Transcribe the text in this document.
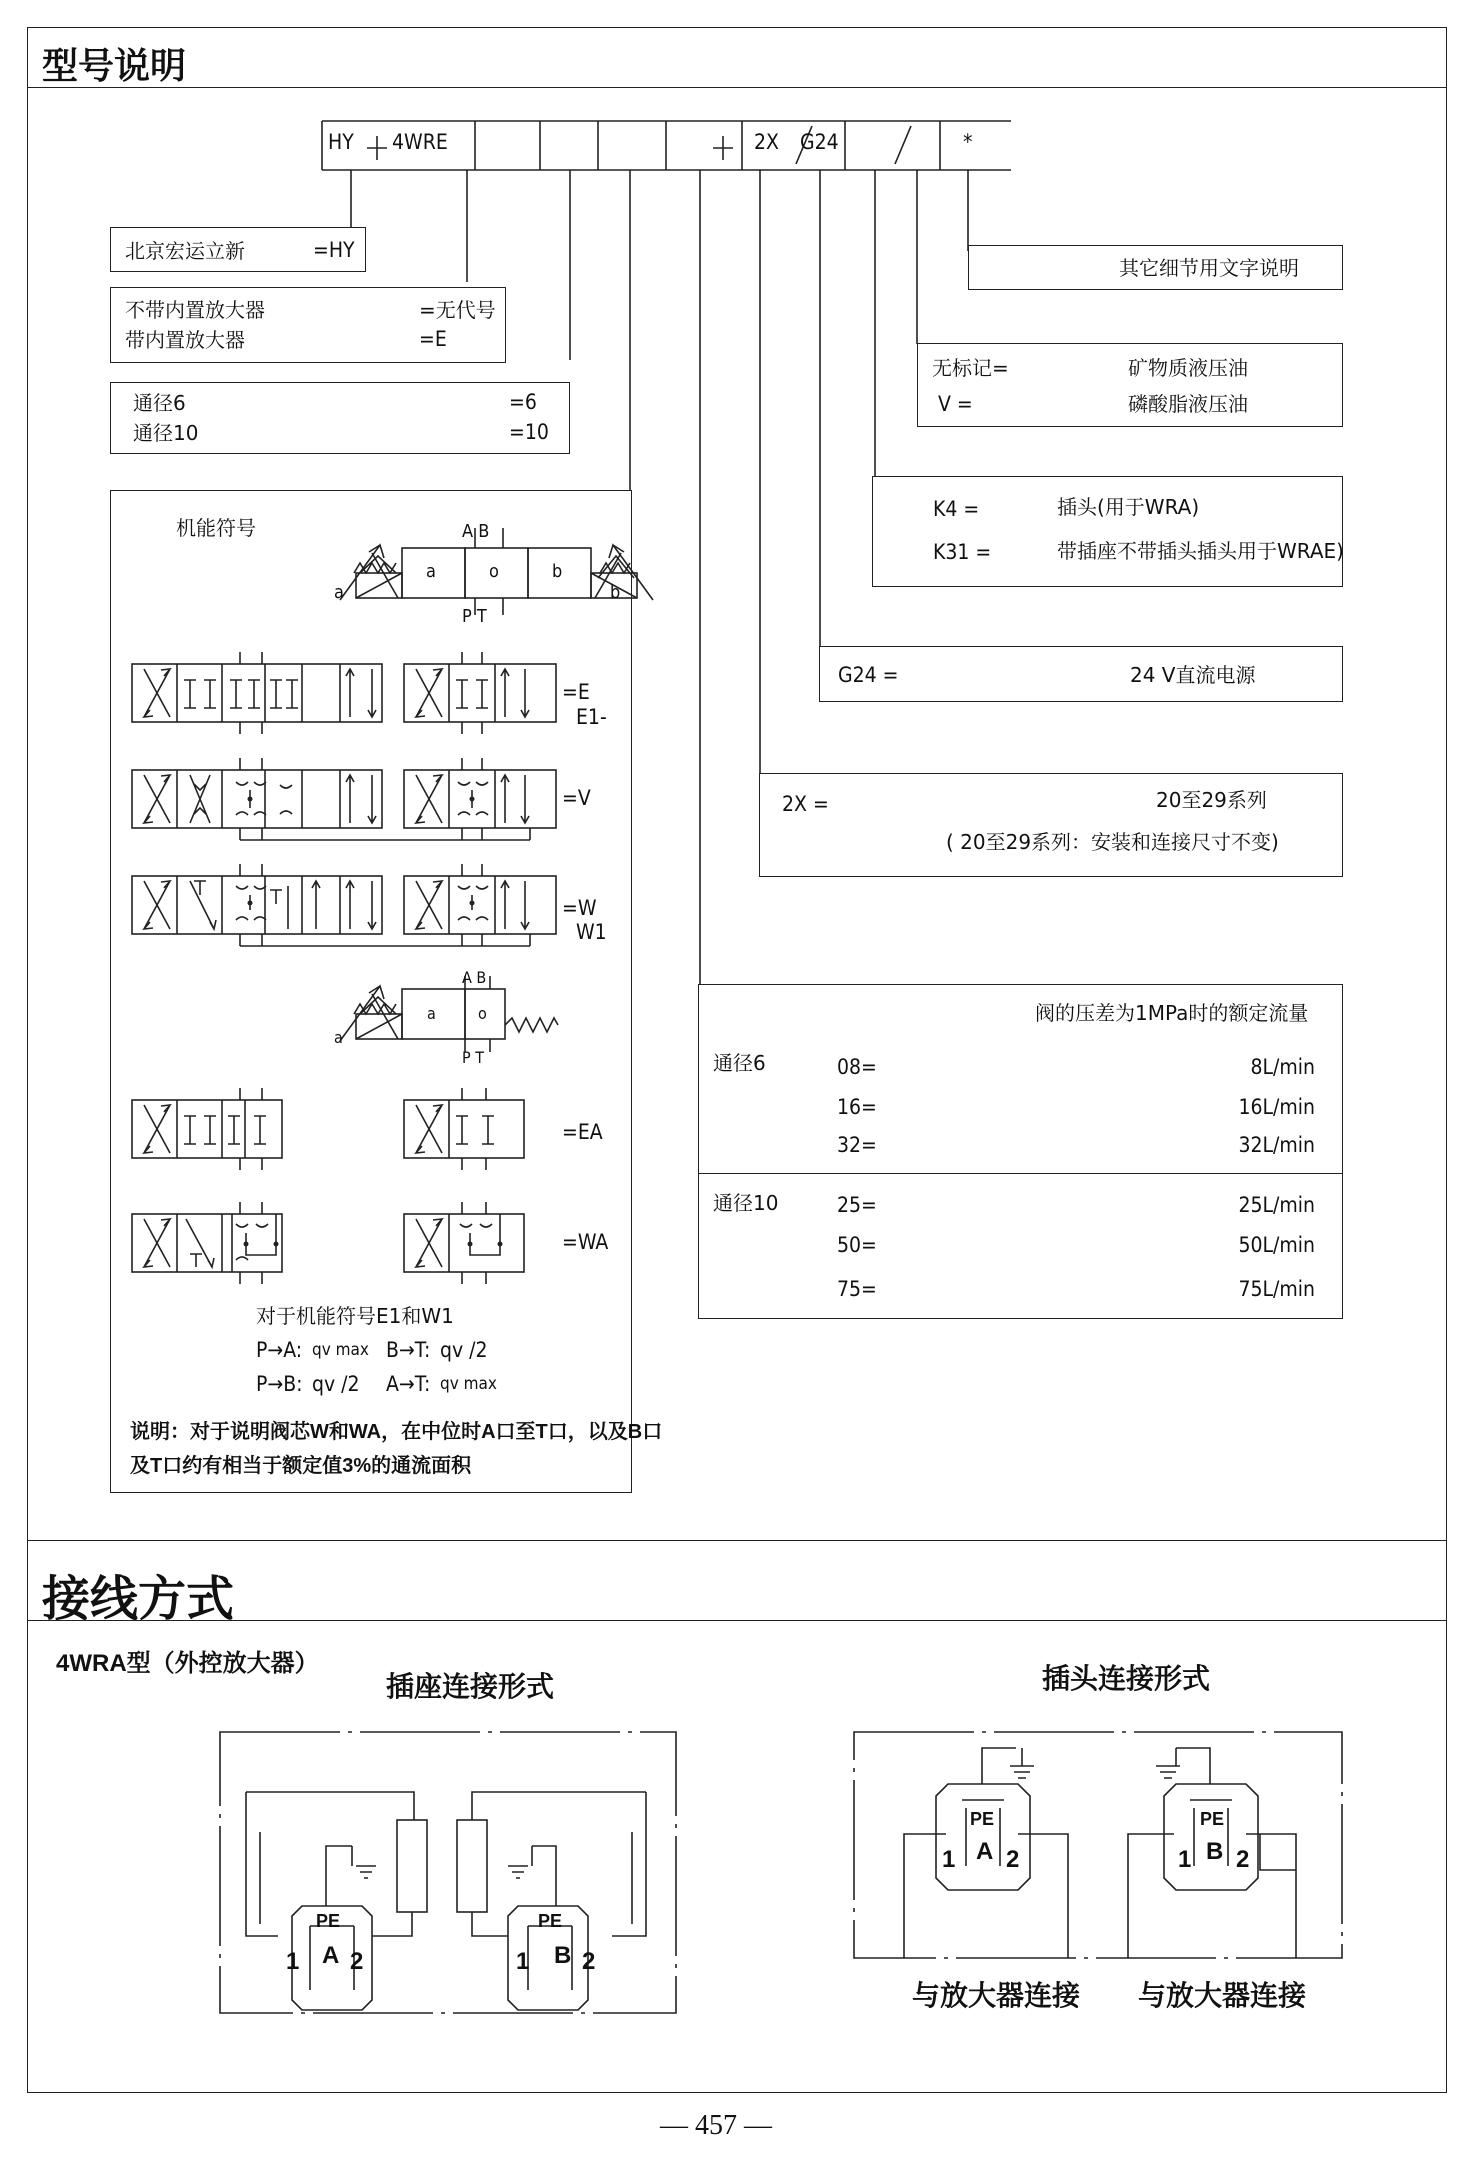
型号说明
接线方式
HY 4WRE	2X G24	*
北京宏运立新	=HY
不带内置放大器	=无代号
带内置放大器	=E
通径6	=6
通径10	=10
机能符号	A B
P T
a	b
a	o	b
=E
E1-
=V
=W
W1
A B
P T
a
a	o
=EA
=WA
对于机能符号E1和W1
P→A: qv max B→T: qv /2
P→B: qv /2 A→T: qv max
说明：对于说明阀芯W和WA，在中位时A口至T口，以及B口
及T口约有相当于额定值3%的通流面积
其它细节用文字说明
无标记=	矿物质液压油
V =	磷酸脂液压油
K4 =	插头(用于WRA)
K31 =	带插座不带插头插头用于WRAE)
G24 =	24 V直流电源
2X =	20至29系列
( 20至29系列：安装和连接尺寸不变)
阀的压差为1MPa时的额定流量
通径6	08=	8L/min
16=	16L/min
32=	32L/min
通径10	25=	25L/min
50=	50L/min
75=	75L/min
4WRA型（外控放大器）
插座连接形式	插头连接形式
PE
1 A 2
PE
1 B 2
PE
1 A 2
PE
1 B 2
与放大器连接 与放大器连接
— 457 —
